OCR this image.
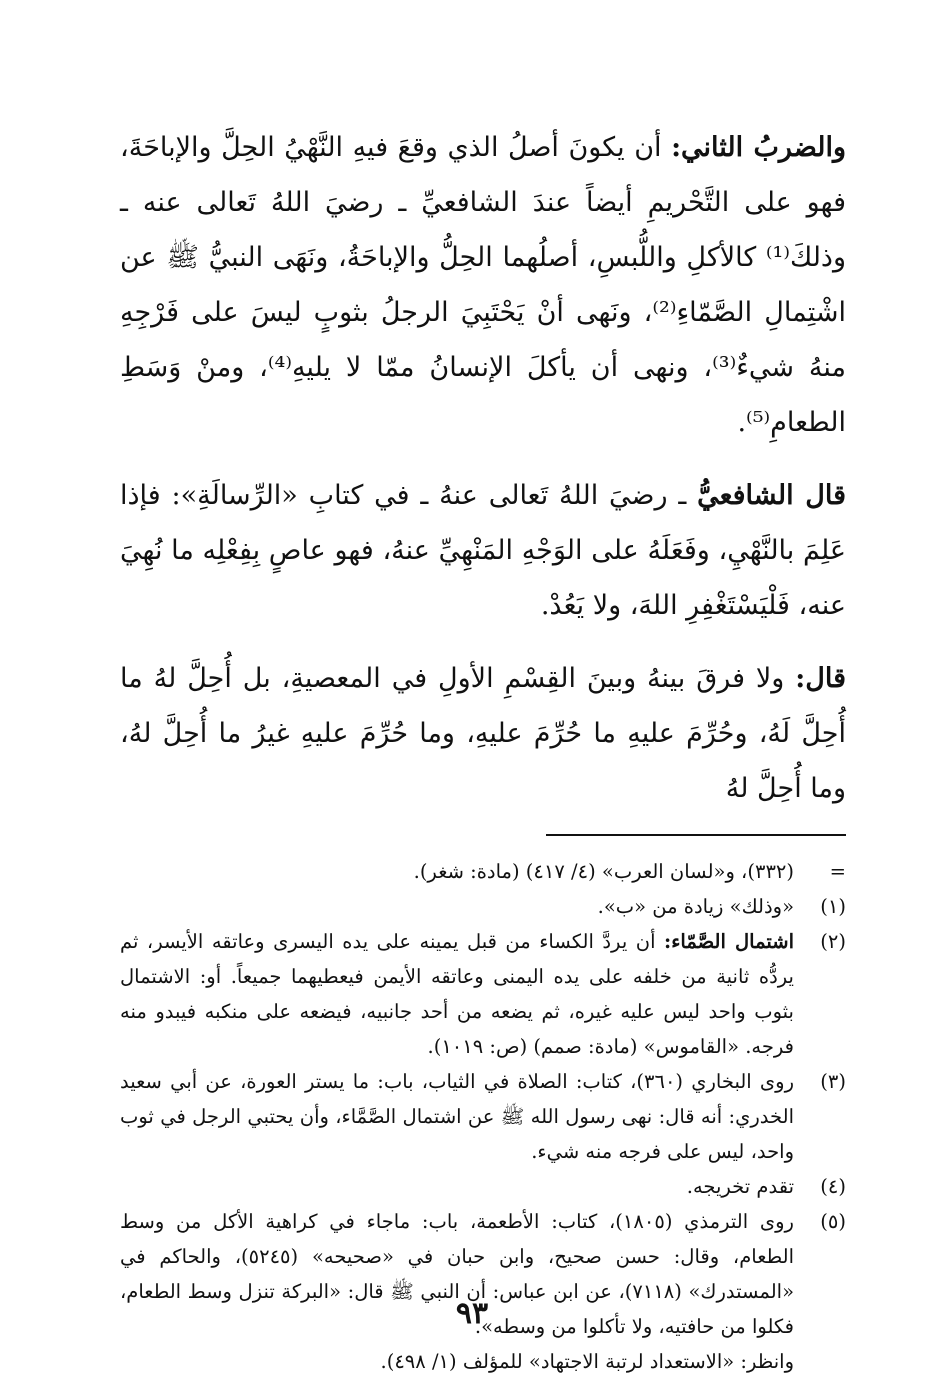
والضربُ الثاني: أن يكونَ أصلُ الذي وقعَ فيهِ النَّهْيُ الحِلَّ والإباحَةَ، فهو على التَّحْريمِ أيضاً عندَ الشافعيِّ ـ رضيَ اللهُ تَعالى عنه ـ وذلكَ⁽¹⁾ كالأكلِ واللُّبسِ، أصلُهما الحِلُّ والإباحَةُ، ونَهَى النبيُّ ﷺ عن اشْتِمالِ الصَّمّاءِ⁽²⁾، ونَهى أنْ يَحْتَبِيَ الرجلُ بثوبٍ ليسَ على فَرْجِهِ منهُ شيءٌ⁽³⁾، ونهى أن يأكلَ الإنسانُ ممّا لا يليهِ⁽⁴⁾، ومنْ وَسَطِ الطعامِ⁽⁵⁾.

قال الشافعيُّ ـ رضيَ اللهُ تَعالى عنهُ ـ في كتابِ «الرِّسالَةِ»: فإذا عَلِمَ بالنَّهْيِ، وفَعَلَهُ على الوَجْهِ المَنْهِيِّ عنهُ، فهو عاصٍ بِفِعْلِه ما نُهِيَ عنه، فَلْيَسْتَغْفِرِ اللهَ، ولا يَعُدْ.

قال: ولا فرقَ بينهُ وبينَ القِسْمِ الأولِ في المعصيةِ، بل أُحِلَّ لهُ ما أُحِلَّ لَهُ، وحُرِّمَ عليهِ ما حُرِّمَ عليهِ، وما حُرِّمَ عليهِ غيرُ ما أُحِلَّ لهُ، وما أُحِلَّ لهُ

=
(٣٣٢)، و«لسان العرب» (٤/ ٤١٧) (مادة: شغر).
(١)
«وذلك» زيادة من «ب».
(٢)
اشتمال الصَّمّاء: أن يردَّ الكساء من قبل يمينه على يده اليسرى وعاتقه الأيسر، ثم يردُّه ثانية من خلفه على يده اليمنى وعاتقه الأيمن فيعطيهما جميعاً. أو: الاشتمال بثوب واحد ليس عليه غيره، ثم يضعه من أحد جانبيه، فيضعه على منكبه فيبدو منه فرجه. «القاموس» (مادة: صمم) (ص: ١٠١٩).
(٣)
روى البخاري (٣٦٠)، كتاب: الصلاة في الثياب، باب: ما يستر العورة، عن أبي سعيد الخدري: أنه قال: نهى رسول الله ﷺ عن اشتمال الصَّمَّاء، وأن يحتبي الرجل في ثوب واحد، ليس على فرجه منه شيء.
(٤)
تقدم تخريجه.
(٥)
روى الترمذي (١٨٠٥)، كتاب: الأطعمة، باب: ماجاء في كراهية الأكل من وسط الطعام، وقال: حسن صحيح، وابن حبان في «صحيحه» (٥٢٤٥)، والحاكم في «المستدرك» (٧١١٨)، عن ابن عباس: أن النبي ﷺ قال: «البركة تنزل وسط الطعام، فكلوا من حافتيه، ولا تأكلوا من وسطه».
وانظر: «الاستعداد لرتبة الاجتهاد» للمؤلف (١/ ٤٩٨).
٩٣
